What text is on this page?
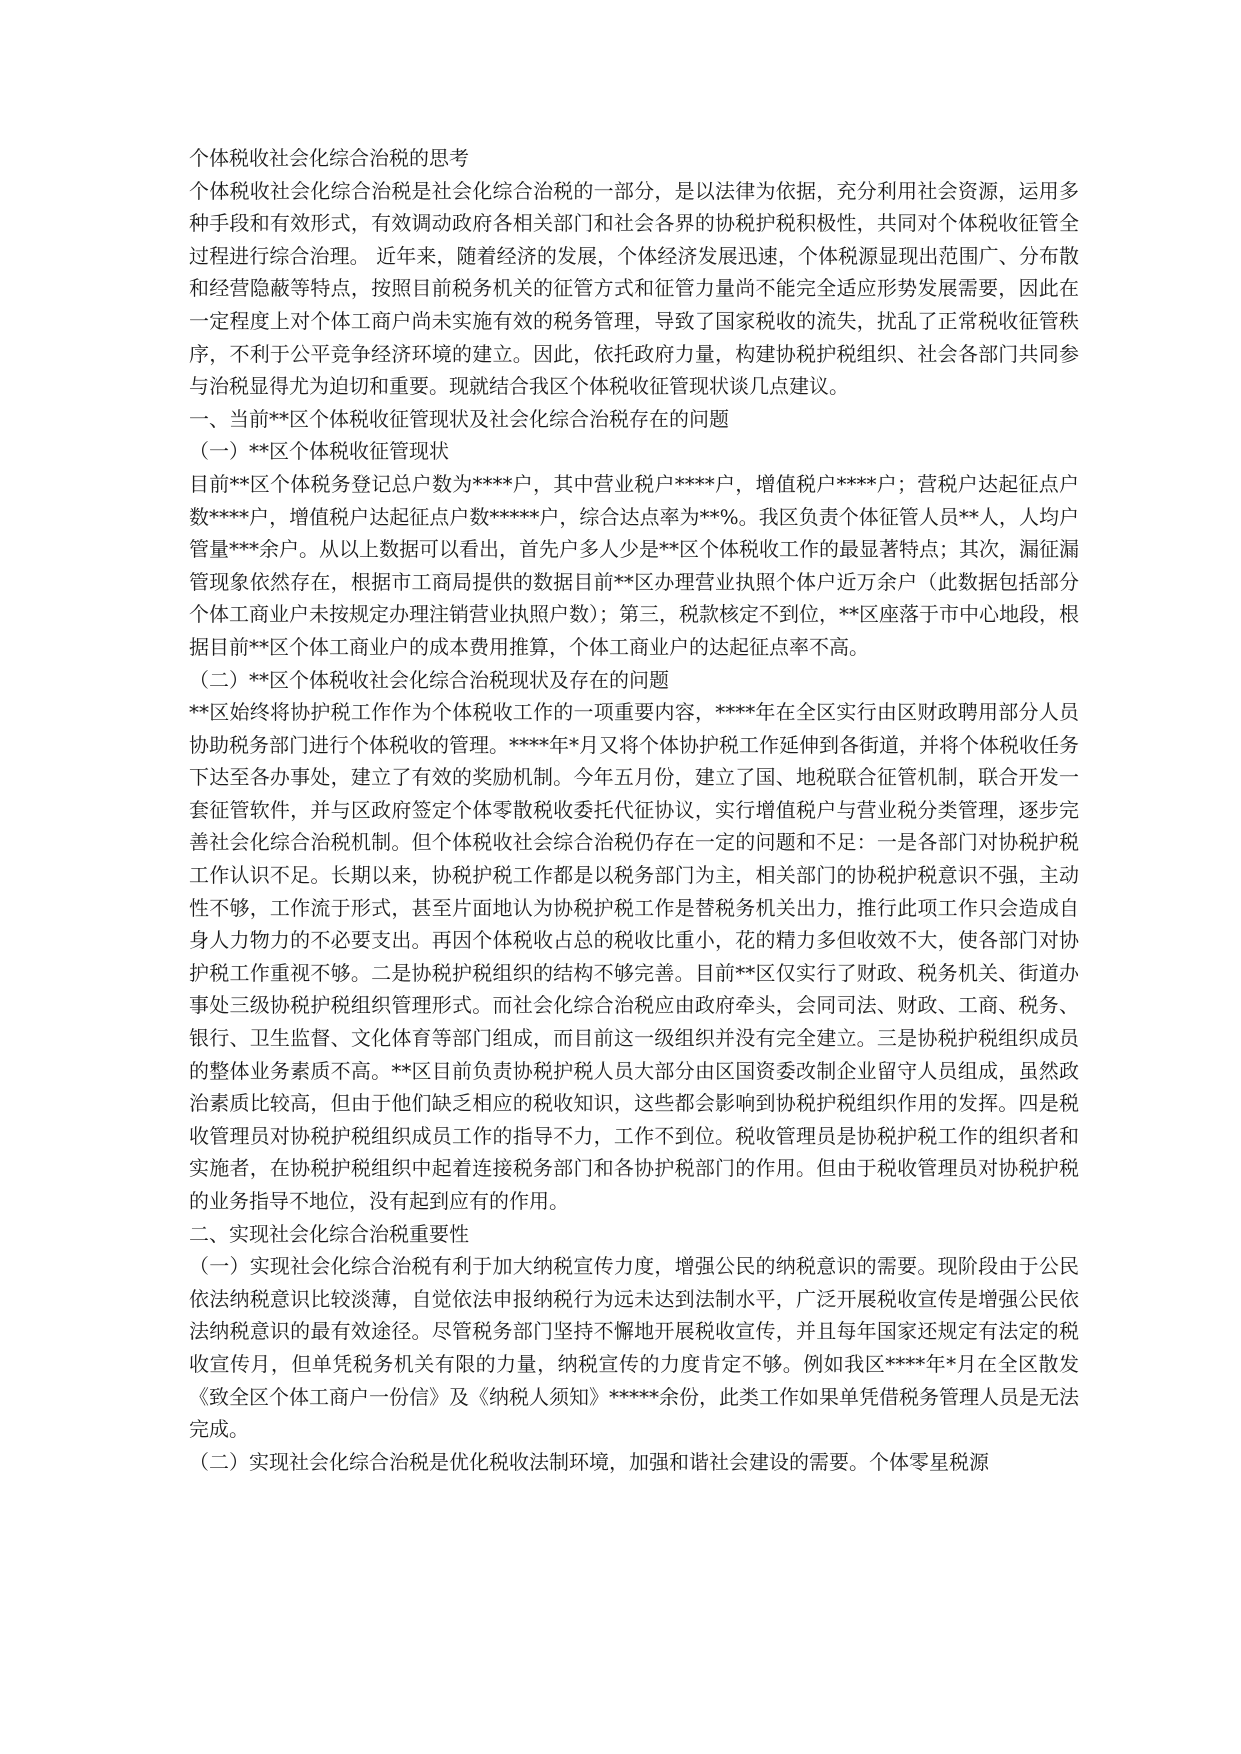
个体税收社会化综合治税的思考

个体税收社会化综合治税是社会化综合治税的一部分，是以法律为依据，充分利用社会资源，运用多种手段和有效形式，有效调动政府各相关部门和社会各界的协税护税积极性，共同对个体税收征管全过程进行综合治理。 近年来，随着经济的发展，个体经济发展迅速，个体税源显现出范围广、分布散和经营隐蔽等特点，按照目前税务机关的征管方式和征管力量尚不能完全适应形势发展需要，因此在一定程度上对个体工商户尚未实施有效的税务管理，导致了国家税收的流失，扰乱了正常税收征管秩序，不利于公平竞争经济环境的建立。因此，依托政府力量，构建协税护税组织、社会各部门共同参与治税显得尤为迫切和重要。现就结合我区个体税收征管现状谈几点建议。

一、当前**区个体税收征管现状及社会化综合治税存在的问题

（一）**区个体税收征管现状

目前**区个体税务登记总户数为****户，其中营业税户****户，增值税户****户；营税户达起征点户数****户，增值税户达起征点户数*****户，综合达点率为**%。我区负责个体征管人员**人，人均户管量***余户。从以上数据可以看出，首先户多人少是**区个体税收工作的最显著特点；其次，漏征漏管现象依然存在，根据市工商局提供的数据目前**区办理营业执照个体户近万余户（此数据包括部分个体工商业户未按规定办理注销营业执照户数）；第三，税款核定不到位，**区座落于市中心地段，根据目前**区个体工商业户的成本费用推算，个体工商业户的达起征点率不高。

（二）**区个体税收社会化综合治税现状及存在的问题

**区始终将协护税工作作为个体税收工作的一项重要内容，****年在全区实行由区财政聘用部分人员协助税务部门进行个体税收的管理。****年*月又将个体协护税工作延伸到各街道，并将个体税收任务下达至各办事处，建立了有效的奖励机制。今年五月份，建立了国、地税联合征管机制，联合开发一套征管软件，并与区政府签定个体零散税收委托代征协议，实行增值税户与营业税分类管理，逐步完善社会化综合治税机制。但个体税收社会综合治税仍存在一定的问题和不足：一是各部门对协税护税工作认识不足。长期以来，协税护税工作都是以税务部门为主，相关部门的协税护税意识不强，主动性不够，工作流于形式，甚至片面地认为协税护税工作是替税务机关出力，推行此项工作只会造成自身人力物力的不必要支出。再因个体税收占总的税收比重小，花的精力多但收效不大，使各部门对协护税工作重视不够。二是协税护税组织的结构不够完善。目前**区仅实行了财政、税务机关、街道办事处三级协税护税组织管理形式。而社会化综合治税应由政府牵头，会同司法、财政、工商、税务、银行、卫生监督、文化体育等部门组成，而目前这一级组织并没有完全建立。三是协税护税组织成员的整体业务素质不高。**区目前负责协税护税人员大部分由区国资委改制企业留守人员组成，虽然政治素质比较高，但由于他们缺乏相应的税收知识，这些都会影响到协税护税组织作用的发挥。四是税收管理员对协税护税组织成员工作的指导不力，工作不到位。税收管理员是协税护税工作的组织者和实施者，在协税护税组织中起着连接税务部门和各协护税部门的作用。但由于税收管理员对协税护税的业务指导不地位，没有起到应有的作用。

二、实现社会化综合治税重要性

（一）实现社会化综合治税有利于加大纳税宣传力度，增强公民的纳税意识的需要。现阶段由于公民依法纳税意识比较淡薄，自觉依法申报纳税行为远未达到法制水平，广泛开展税收宣传是增强公民依法纳税意识的最有效途径。尽管税务部门坚持不懈地开展税收宣传，并且每年国家还规定有法定的税收宣传月，但单凭税务机关有限的力量，纳税宣传的力度肯定不够。例如我区****年*月在全区散发《致全区个体工商户一份信》及《纳税人须知》*****余份，此类工作如果单凭借税务管理人员是无法完成。

（二）实现社会化综合治税是优化税收法制环境，加强和谐社会建设的需要。个体零星税源
